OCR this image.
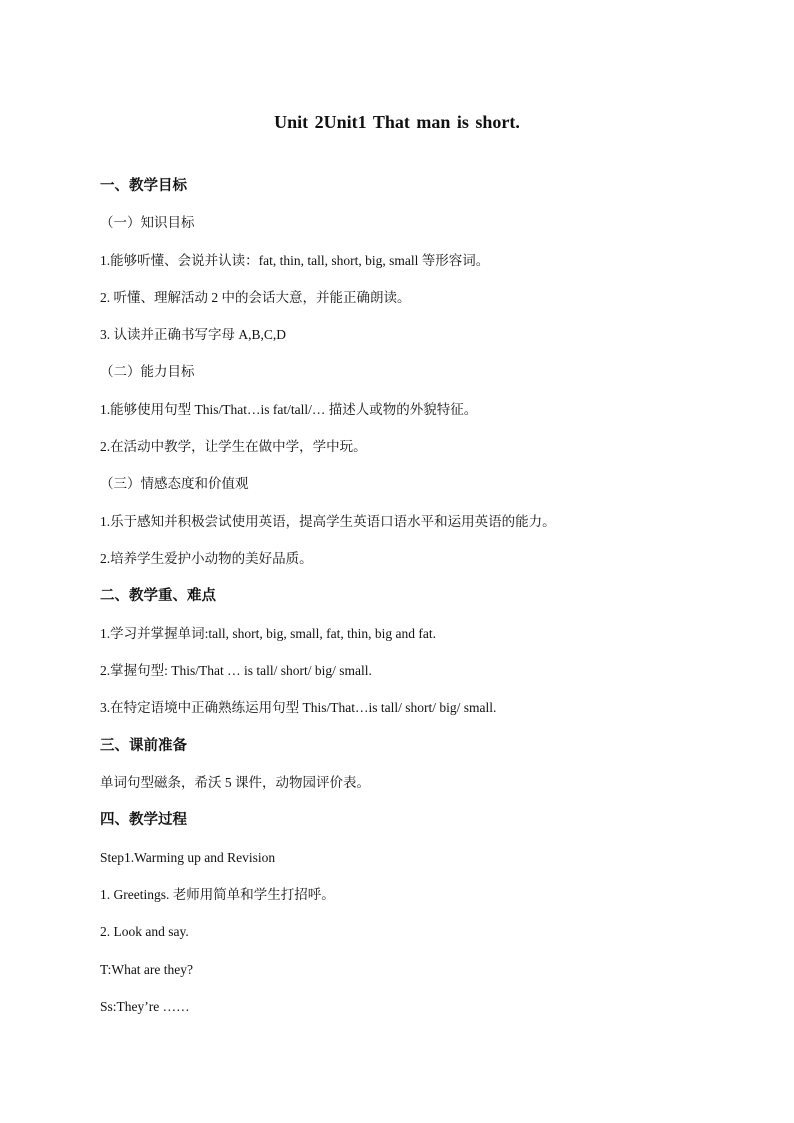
Unit 2Unit1 That man is short.
一、教学目标
（一）知识目标
1.能够听懂、会说并认读：fat, thin, tall, short, big, small 等形容词。
2. 听懂、理解活动 2 中的会话大意，并能正确朗读。
3. 认读并正确书写字母 A,B,C,D
（二）能力目标
1.能够使用句型 This/That…is fat/tall/… 描述人或物的外貌特征。
2.在活动中教学，让学生在做中学，学中玩。
（三）情感态度和价值观
1.乐于感知并积极尝试使用英语，提高学生英语口语水平和运用英语的能力。
2.培养学生爱护小动物的美好品质。
二、教学重、难点
1.学习并掌握单词:tall, short, big, small, fat, thin, big and fat.
2.掌握句型: This/That … is tall/ short/ big/ small.
3.在特定语境中正确熟练运用句型 This/That…is tall/ short/ big/ small.
三、课前准备
单词句型磁条，希沃 5 课件，动物园评价表。
四、教学过程
Step1.Warming up and Revision
1. Greetings. 老师用简单和学生打招呼。
2. Look and say.
T:What are they?
Ss:They’re ……
